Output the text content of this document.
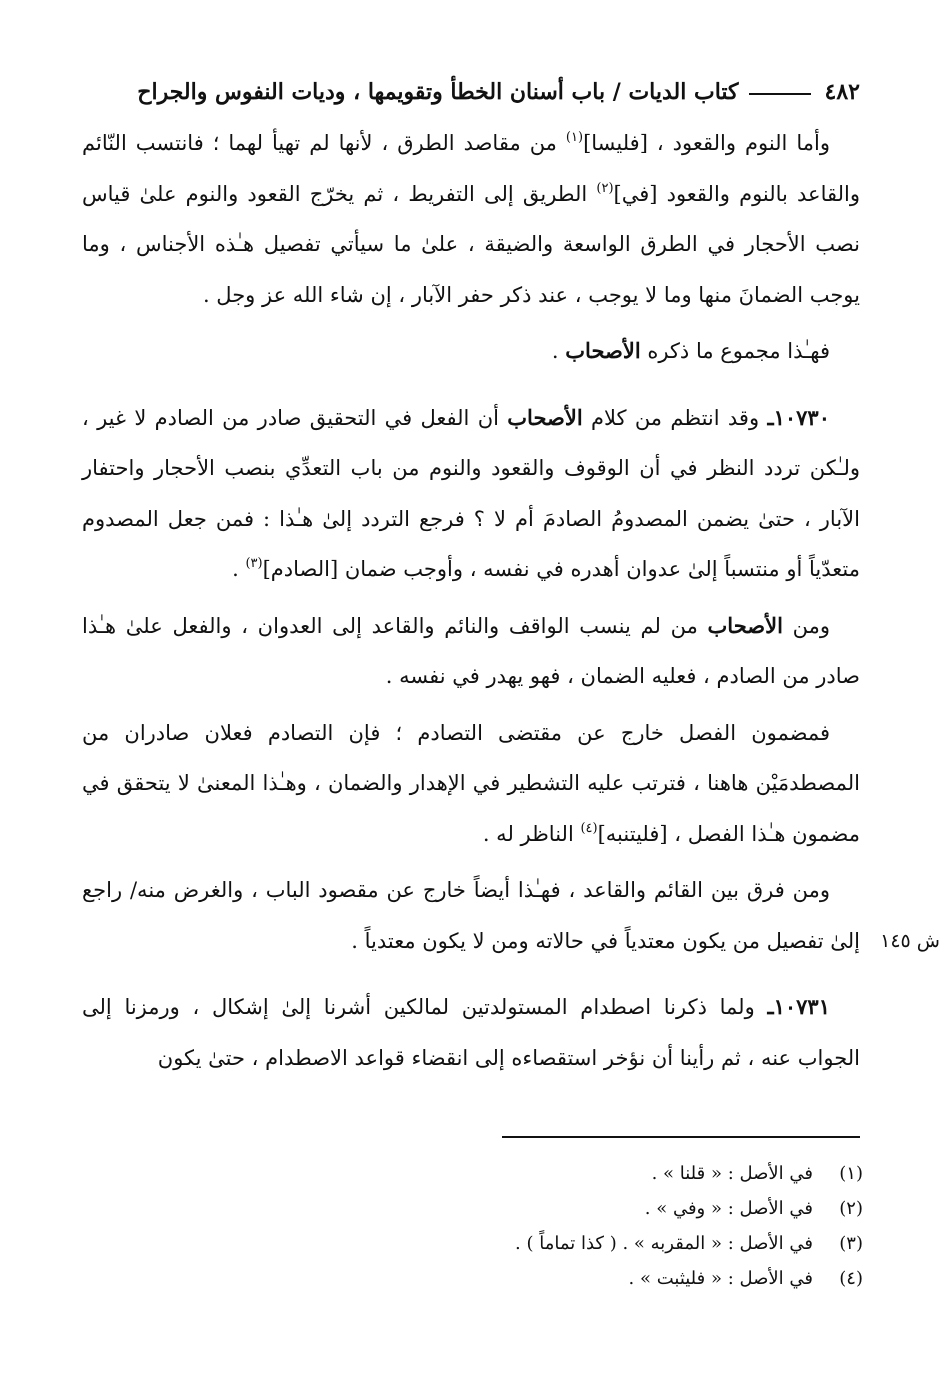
٤٨٢
كتاب الديات / باب أسنان الخطأ وتقويمها ، وديات النفوس والجراح

وأما النوم والقعود ، [فليسا]$^{(١)}$ من مقاصد الطرق ، لأنها لم تهيأ لهما ؛ فانتسب النّائم والقاعد بالنوم والقعود [في]$^{(٢)}$ الطريق إلى التفريط ، ثم يخرّج القعود والنوم علىٰ قياس نصب الأحجار في الطرق الواسعة والضيقة ، علىٰ ما سيأتي تفصيل هـٰذه الأجناس ، وما يوجب الضمانَ منها وما لا يوجب ، عند ذكر حفر الآبار ، إن شاء الله عز وجل .

فهـٰذا مجموع ما ذكره الأصحاب .

١٠٧٣٠ـ وقد انتظم من كلام الأصحاب أن الفعل في التحقيق صادر من الصادم لا غير ، ولـٰكن تردد النظر في أن الوقوف والقعود والنوم من باب التعدِّي بنصب الأحجار واحتفار الآبار ، حتىٰ يضمن المصدومُ الصادمَ أم لا ؟ فرجع التردد إلىٰ هـٰذا : فمن جعل المصدوم متعدّياً أو منتسباً إلىٰ عدوان أهدره في نفسه ، وأوجب ضمان [الصادم]$^{(٣)}$ .

ومن الأصحاب من لم ينسب الواقف والنائم والقاعد إلى العدوان ، والفعل علىٰ هـٰذا صادر من الصادم ، فعليه الضمان ، فهو يهدر في نفسه .

فمضمون الفصل خارج عن مقتضى التصادم ؛ فإن التصادم فعلان صادران من المصطدمَيْن هاهنا ، فترتب عليه التشطير في الإهدار والضمان ، وهـٰذا المعنىٰ لا يتحقق في مضمون هـٰذا الفصل ، [فليتنبه]$^{(٤)}$ الناظر له .

ومن فرق بين القائم والقاعد ، فهـٰذا أيضاً خارج عن مقصود الباب ، والغرض منه/ راجع إلىٰ تفصيل من يكون معتدياً في حالاته ومن لا يكون معتدياً .

١٠٧٣١ـ ولما ذكرنا اصطدام المستولدتين لمالكين أشرنا إلىٰ إشكال ، ورمزنا إلى الجواب عنه ، ثم رأينا أن نؤخر استقصاءه إلى انقضاء قواعد الاصطدام ، حتىٰ يكون

ش ١٤٥
(١)
في الأصل : « قلنا » .
(٢)
في الأصل : « وفي » .
(٣)
في الأصل : « المقربه » . ( كذا تماماً ) .
(٤)
في الأصل : « فليثبت » .
